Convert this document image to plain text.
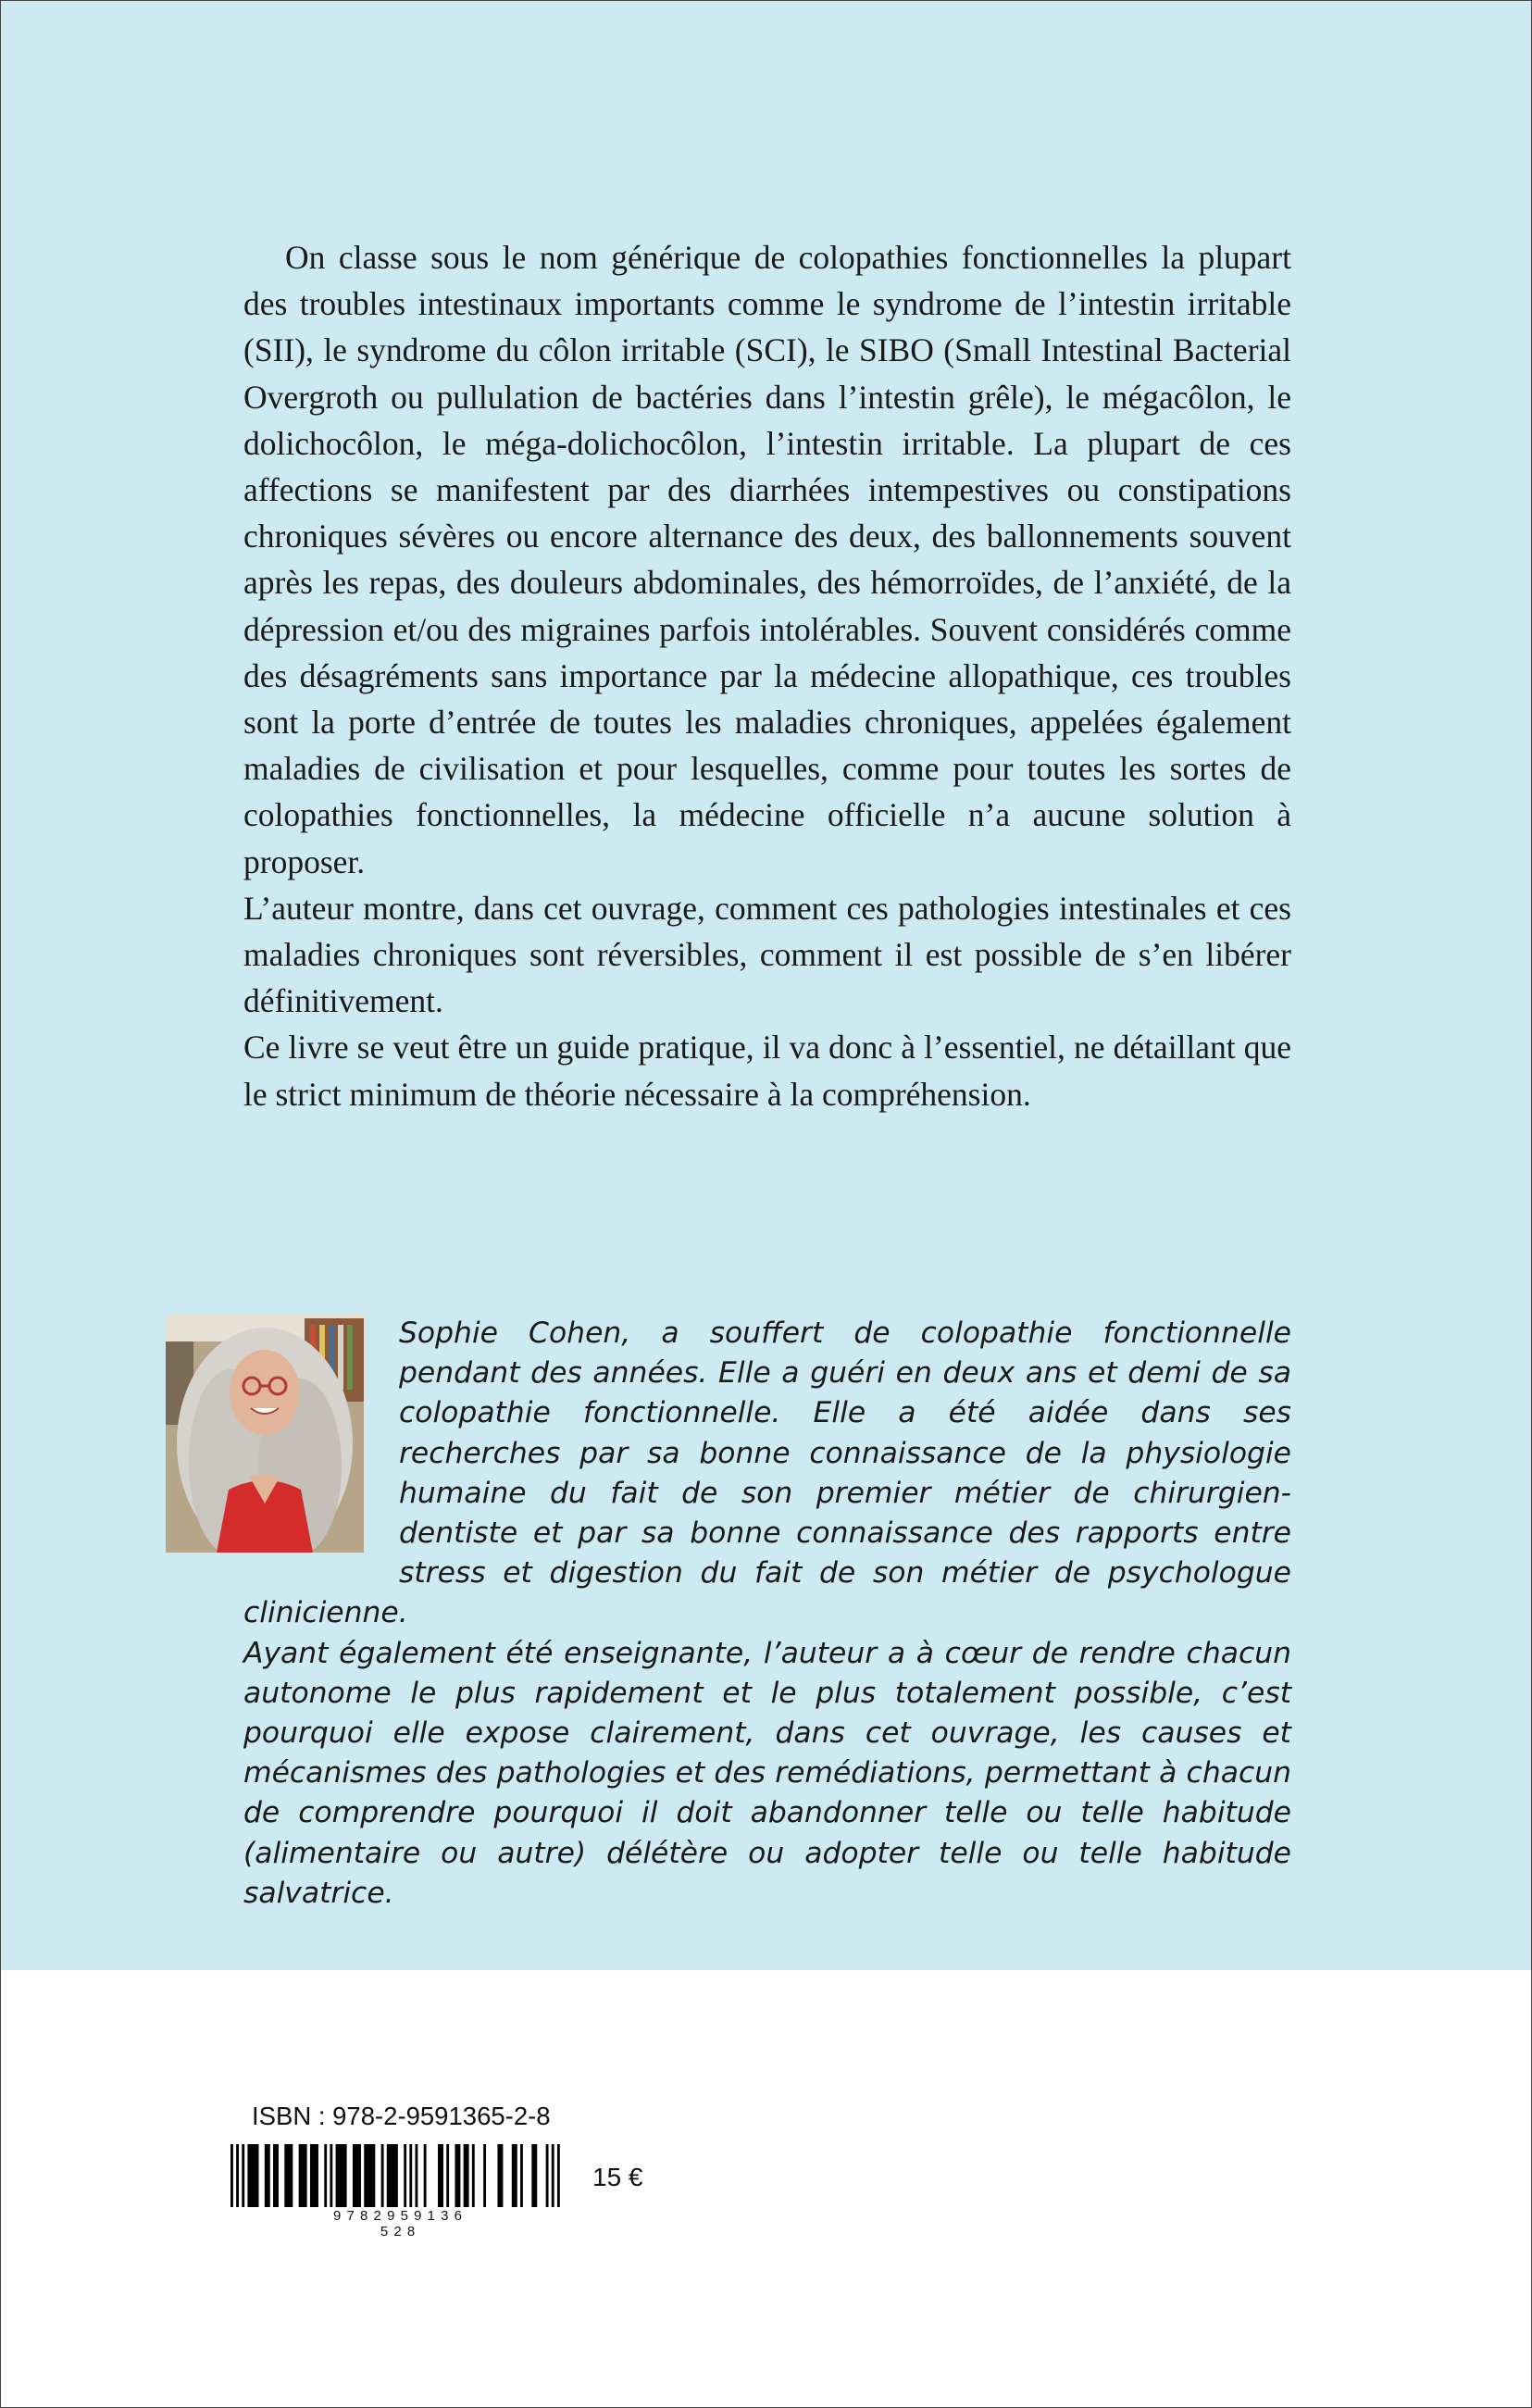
On classe sous le nom générique de colopathies fonctionnelles la plupart des troubles intestinaux importants comme le syndrome de l’intestin irritable (SII), le syndrome du côlon irritable (SCI), le SIBO (Small Intestinal Bacterial Overgroth ou pullulation de bactéries dans l’intestin grêle), le mégacôlon, le dolichocôlon, le méga-dolichocôlon, l’intestin irritable. La plupart de ces affections se manifestent par des diarrhées intempestives ou constipations chroniques sévères ou encore alternance des deux, des ballonnements souvent après les repas, des douleurs abdominales, des hémorroïdes, de l’anxiété, de la dépression et/ou des migraines parfois intolérables. Souvent considérés comme des désagréments sans importance par la médecine allopathique, ces troubles sont la porte d’entrée de toutes les maladies chroniques, appelées également maladies de civilisation et pour lesquelles, comme pour toutes les sortes de colopathies fonctionnelles, la médecine officielle n’a aucune solution à proposer.

L’auteur montre, dans cet ouvrage, comment ces pathologies intestinales et ces maladies chroniques sont réversibles, comment il est possible de s’en libérer définitivement.

Ce livre se veut être un guide pratique, il va donc à l’essentiel, ne détaillant que le strict minimum de théorie nécessaire à la compréhension.

Sophie Cohen, a souffert de colopathie fonctionnelle pendant des années. Elle a guéri en deux ans et demi de sa colopathie fonctionnelle. Elle a été aidée dans ses recherches par sa bonne connaissance de la physiologie humaine du fait de son premier métier de chirurgien-dentiste et par sa bonne connaissance des rapports entre stress et digestion du fait de son métier de psychologue clinicienne.

Ayant également été enseignante, l’auteur a à cœur de rendre chacun autonome le plus rapidement et le plus totalement possible, c’est pourquoi elle expose clairement, dans cet ouvrage, les causes et mécanismes des pathologies et des remédiations, permettant à chacun de comprendre pourquoi il doit abandonner telle ou telle habitude (alimentaire ou autre) délétère ou adopter telle ou telle habitude salvatrice.

ISBN : 978-2-9591365-2-8
9 7 8 2 9 5 9 1 3 6 5 2 8
15 €
